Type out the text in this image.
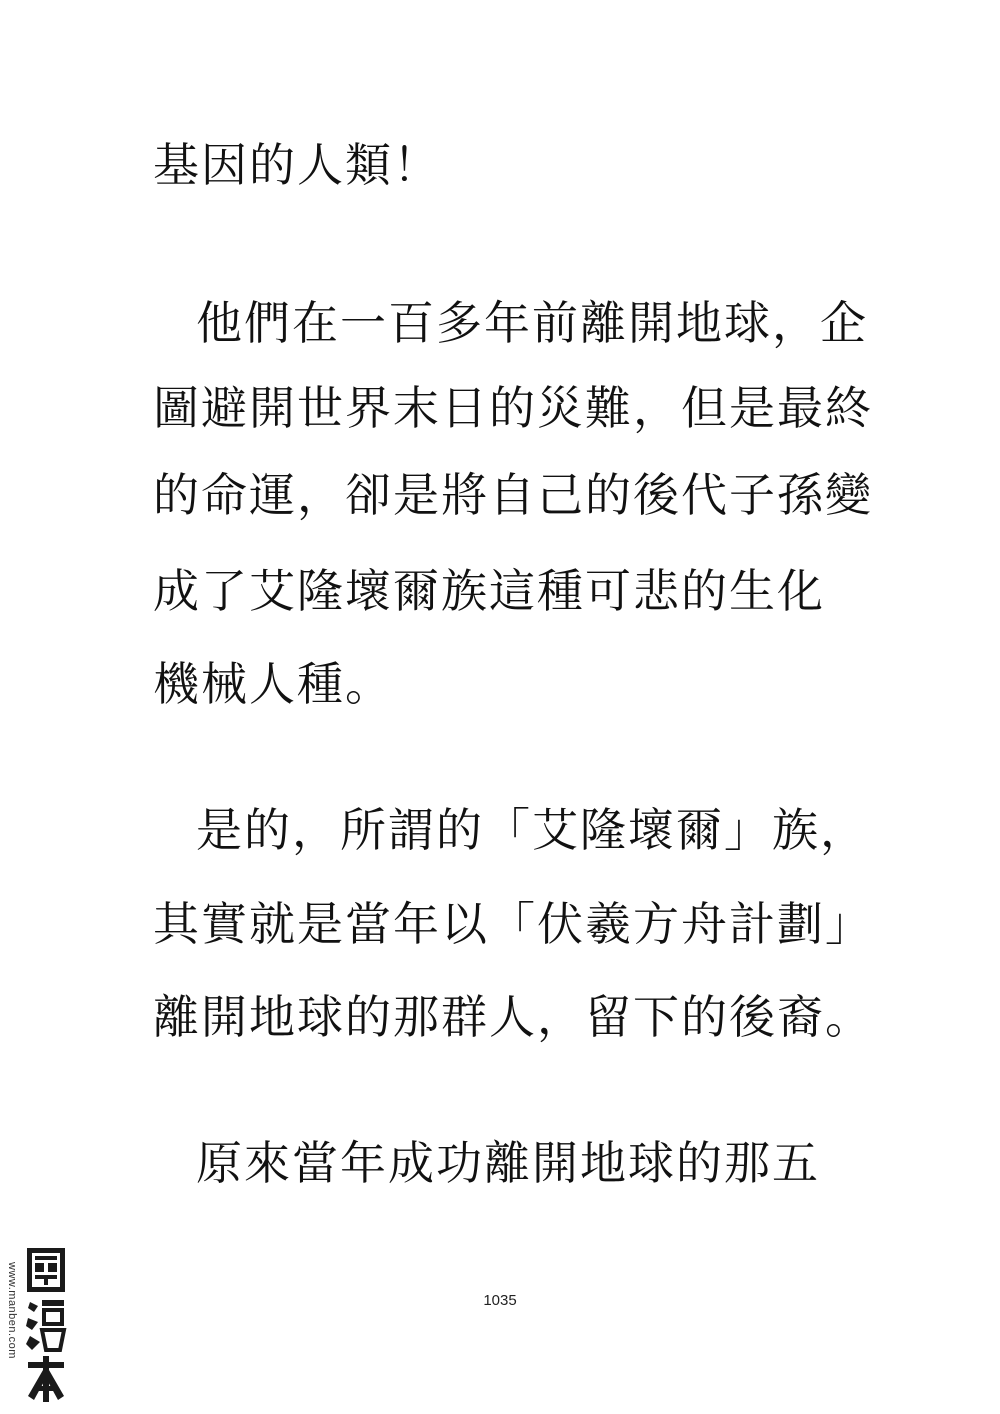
基因的人類！
他們在一百多年前離開地球，企
圖避開世界末日的災難，但是最終
的命運，卻是將自己的後代子孫變
成了艾隆壞爾族這種可悲的生化
機械人種。
是的，所謂的「艾隆壞爾」族，
其實就是當年以「伏羲方舟計劃」
離開地球的那群人，留下的後裔。
原來當年成功離開地球的那五
1035
www.manben.com
